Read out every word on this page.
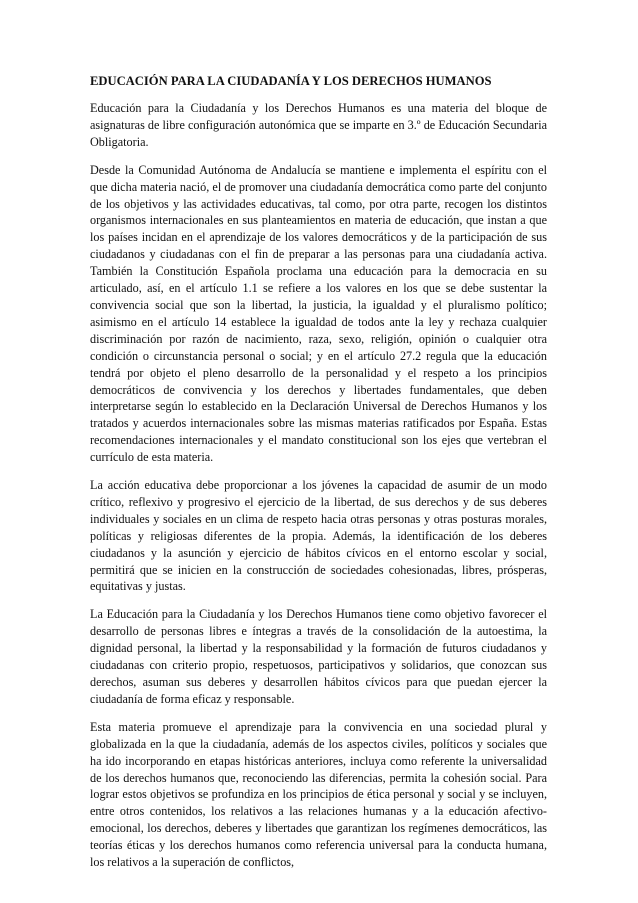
EDUCACIÓN PARA LA CIUDADANÍA Y LOS DERECHOS HUMANOS

Educación para la Ciudadanía y los Derechos Humanos es una materia del bloque de asignaturas de libre configuración autonómica que se imparte en 3.º de Educación Secundaria Obligatoria.

Desde la Comunidad Autónoma de Andalucía se mantiene e implementa el espíritu con el que dicha materia nació, el de promover una ciudadanía democrática como parte del conjunto de los objetivos y las actividades educativas, tal como, por otra parte, recogen los distintos organismos internacionales en sus planteamientos en materia de educación, que instan a que los países incidan en el aprendizaje de los valores democráticos y de la participación de sus ciudadanos y ciudadanas con el fin de preparar a las personas para una ciudadanía activa. También la Constitución Española proclama una educación para la democracia en su articulado, así, en el artículo 1.1 se refiere a los valores en los que se debe sustentar la convivencia social que son la libertad, la justicia, la igualdad y el pluralismo político; asimismo en el artículo 14 establece la igualdad de todos ante la ley y rechaza cualquier discriminación por razón de nacimiento, raza, sexo, religión, opinión o cualquier otra condición o circunstancia personal o social; y en el artículo 27.2 regula que la educación tendrá por objeto el pleno desarrollo de la personalidad y el respeto a los principios democráticos de convivencia y los derechos y libertades fundamentales, que deben interpretarse según lo establecido en la Declaración Universal de Derechos Humanos y los tratados y acuerdos internacionales sobre las mismas materias ratificados por España. Estas recomendaciones internacionales y el mandato constitucional son los ejes que vertebran el currículo de esta materia.

La acción educativa debe proporcionar a los jóvenes la capacidad de asumir de un modo crítico, reflexivo y progresivo el ejercicio de la libertad, de sus derechos y de sus deberes individuales y sociales en un clima de respeto hacia otras personas y otras posturas morales, políticas y religiosas diferentes de la propia. Además, la identificación de los deberes ciudadanos y la asunción y ejercicio de hábitos cívicos en el entorno escolar y social, permitirá que se inicien en la construcción de sociedades cohesionadas, libres, prósperas, equitativas y justas.

La Educación para la Ciudadanía y los Derechos Humanos tiene como objetivo favorecer el desarrollo de personas libres e íntegras a través de la consolidación de la autoestima, la dignidad personal, la libertad y la responsabilidad y la formación de futuros ciudadanos y ciudadanas con criterio propio, respetuosos, participativos y solidarios, que conozcan sus derechos, asuman sus deberes y desarrollen hábitos cívicos para que puedan ejercer la ciudadanía de forma eficaz y responsable.

Esta materia promueve el aprendizaje para la convivencia en una sociedad plural y globalizada en la que la ciudadanía, además de los aspectos civiles, políticos y sociales que ha ido incorporando en etapas históricas anteriores, incluya como referente la universalidad de los derechos humanos que, reconociendo las diferencias, permita la cohesión social. Para lograr estos objetivos se profundiza en los principios de ética personal y social y se incluyen, entre otros contenidos, los relativos a las relaciones humanas y a la educación afectivo-emocional, los derechos, deberes y libertades que garantizan los regímenes democráticos, las teorías éticas y los derechos humanos como referencia universal para la conducta humana, los relativos a la superación de conflictos,
